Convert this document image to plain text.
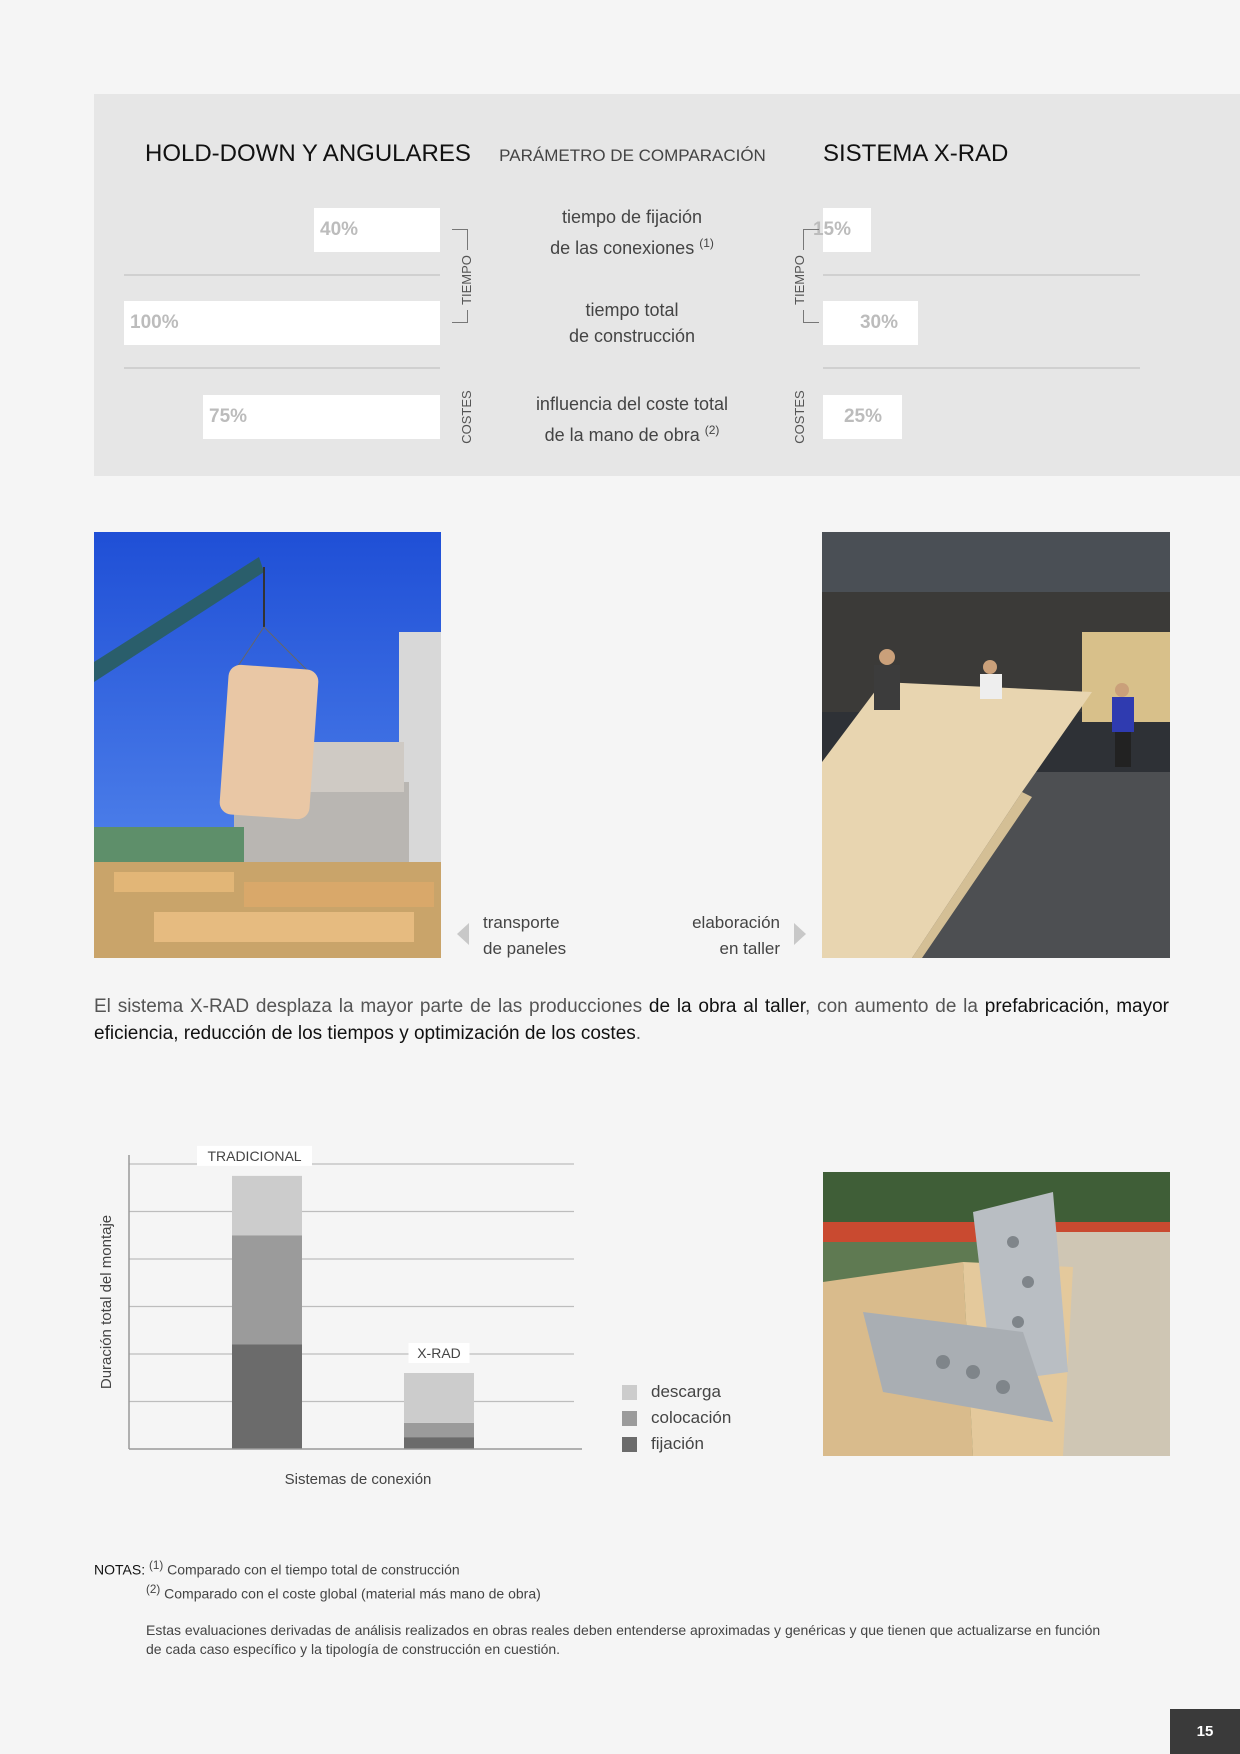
HOLD-DOWN Y ANGULARES	PARÁMETRO DE COMPARACIÓN	SISTEMA X-RAD
40%
100%
75%
15%
30%
25%
tiempo de fijación
de las conexiones $^{(1)}$
tiempo total
de construcción
influencia del coste total
de la mano de obra $^{(2)}$
TIEMPO
COSTES
TIEMPO
COSTES
transporte
de paneles
elaboración
en taller
El sistema X-RAD desplaza la mayor parte de las producciones de la obra al taller, con aumento de la prefabricación, mayor eficiencia, reducción de los tiempos y optimización de los costes.
TRADICIONAL
X-RAD
Sistemas de conexión
Duración total del montaje
descarga
colocación
fijación
NOTAS: $^{(1)}$ Comparado con el tiempo total de construcción
$^{(2)}$ Comparado con el coste global (material más mano de obra)
Estas evaluaciones derivadas de análisis realizados en obras reales deben entenderse aproximadas y genéricas y que tienen que actualizarse en función
de cada caso específico y la tipología de construcción en cuestión.
15
